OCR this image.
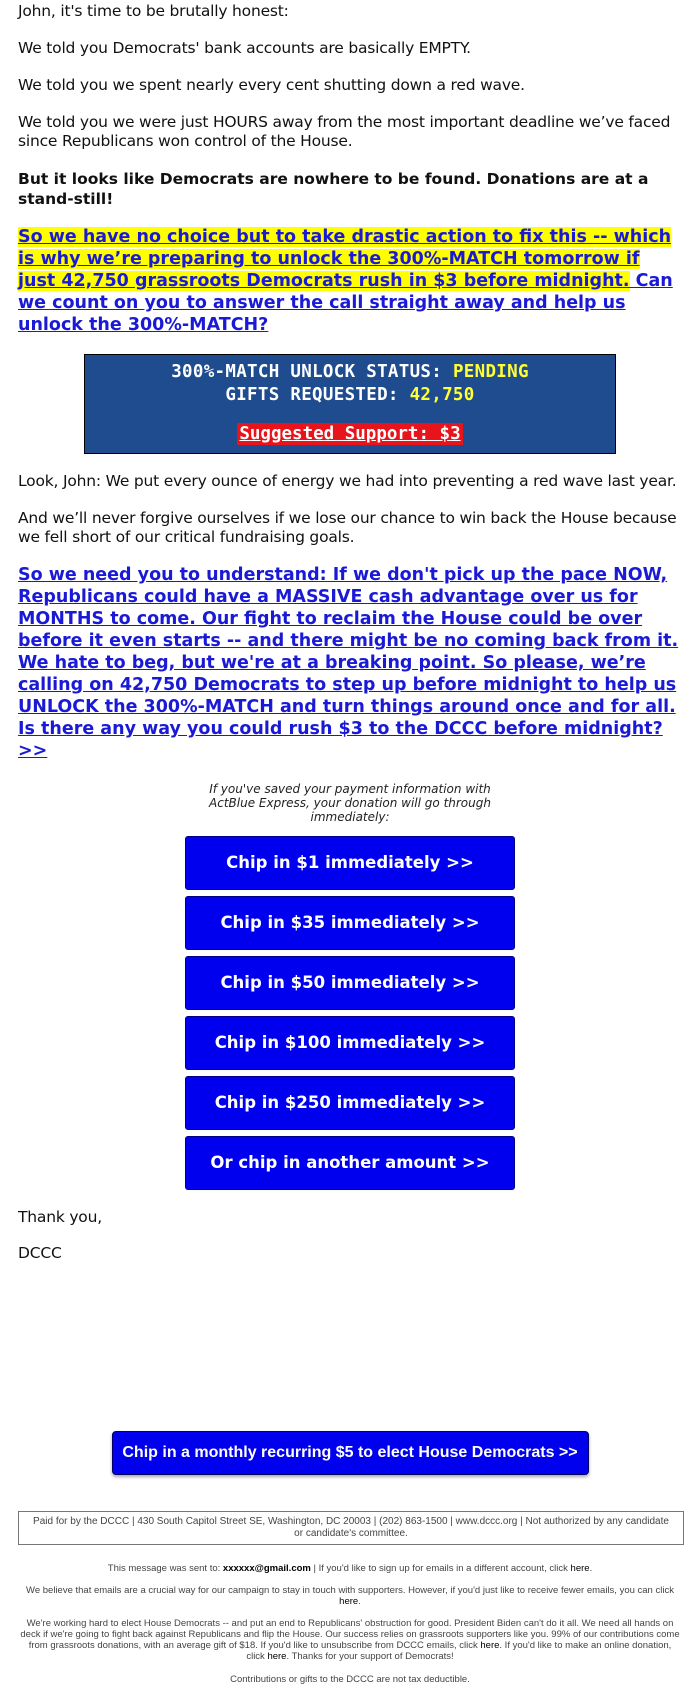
John, it's time to be brutally honest:

We told you Democrats' bank accounts are basically EMPTY.

We told you we spent nearly every cent shutting down a red wave.

We told you we were just HOURS away from the most important deadline we’ve faced since Republicans won control of the House.

But it looks like Democrats are nowhere to be found. Donations are at a stand-still!

So we have no choice but to take drastic action to fix this -- which is why we’re preparing to unlock the 300%-MATCH tomorrow if just 42,750 grassroots Democrats rush in $3 before midnight. Can we count on you to answer the call straight away and help us unlock the 300%-MATCH?

300%-MATCH UNLOCK STATUS: PENDING
GIFTS REQUESTED: 42,750
Suggested Support: $3

Look, John: We put every ounce of energy we had into preventing a red wave last year.

And we’ll never forgive ourselves if we lose our chance to win back the House because we fell short of our critical fundraising goals.

So we need you to understand: If we don't pick up the pace NOW, Republicans could have a MASSIVE cash advantage over us for MONTHS to come. Our fight to reclaim the House could be over before it even starts -- and there might be no coming back from it. We hate to beg, but we're at a breaking point. So please, we’re calling on 42,750 Democrats to step up before midnight to help us UNLOCK the 300%-MATCH and turn things around once and for all. Is there any way you could rush $3 to the DCCC before midnight? >>

If you've saved your payment information with ActBlue Express, your donation will go through immediately:
Chip in $1 immediately >>
Chip in $35 immediately >>
Chip in $50 immediately >>
Chip in $100 immediately >>
Chip in $250 immediately >>
Or chip in another amount >>

Thank you,

DCCC

Chip in a monthly recurring $5 to elect House Democrats >>
Paid for by the DCCC | 430 South Capitol Street SE, Washington, DC 20003 | (202) 863-1500 | www.dccc.org | Not authorized by any candidate or candidate's committee.
This message was sent to: xxxxxx@gmail.com | If you'd like to sign up for emails in a different account, click here.
We believe that emails are a crucial way for our campaign to stay in touch with supporters. However, if you'd just like to receive fewer emails, you can click here.
We're working hard to elect House Democrats -- and put an end to Republicans' obstruction for good. President Biden can't do it all. We need all hands on deck if we're going to fight back against Republicans and flip the House. Our success relies on grassroots supporters like you. 99% of our contributions come from grassroots donations, with an average gift of $18. If you'd like to unsubscribe from DCCC emails, click here. If you'd like to make an online donation, click here. Thanks for your support of Democrats!
Contributions or gifts to the DCCC are not tax deductible.
